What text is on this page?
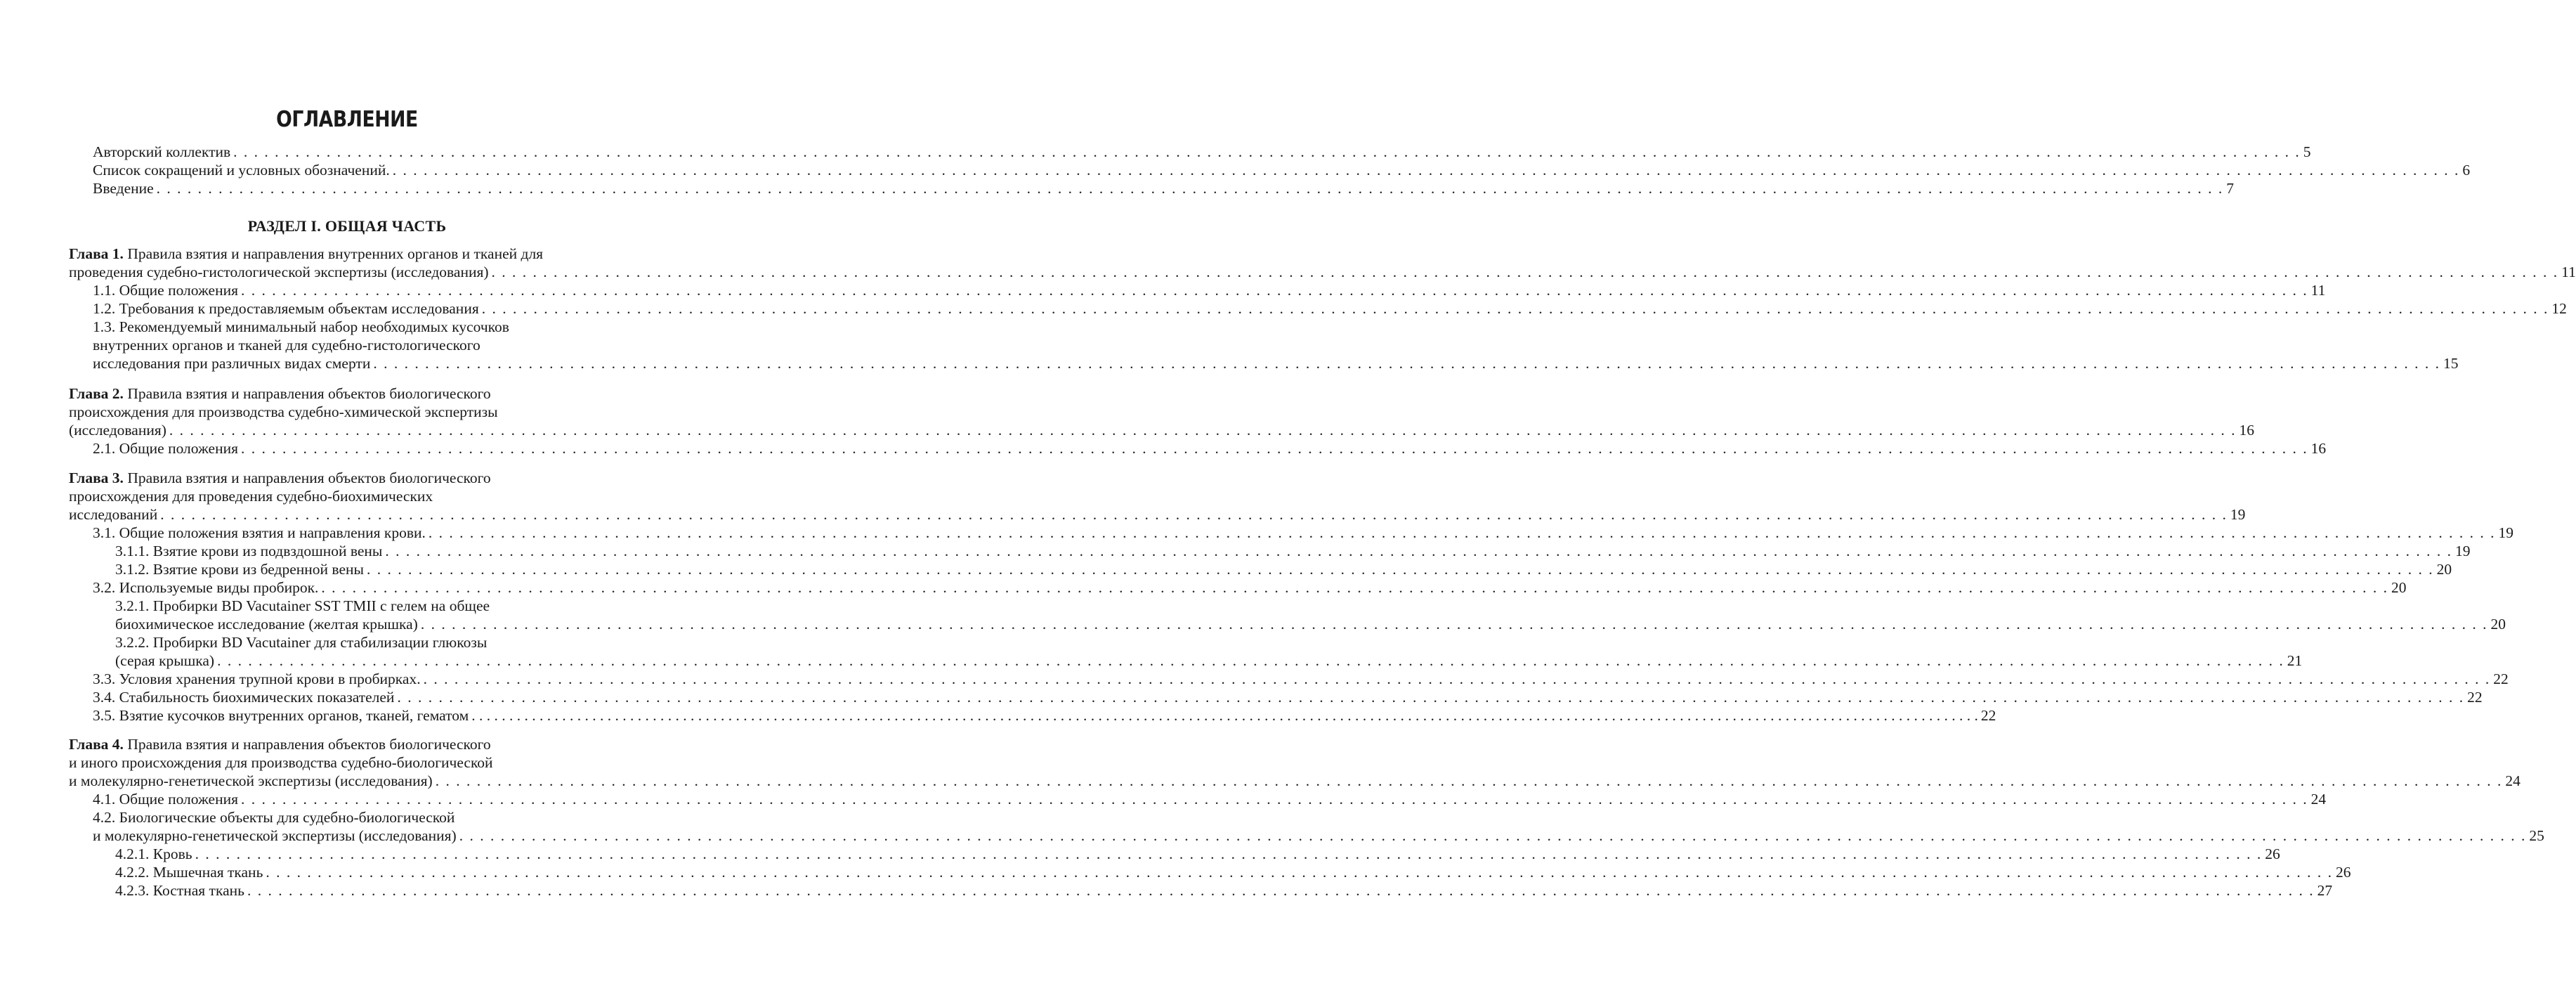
ОГЛАВЛЕНИЕ
Авторский коллектив . . . . . . . . . . . . . . . . . . . . . . . . . . . . . . . . . . . . . . . . . . . . . . . . . . . . . . . . . . . . . . . . . . . . . . . . . . . . . . . . . . . . . . . . . . . . . . . . . . . . . . . . . . . . . . . . . . . . . . . . . . . . . . . . . . . . . . . . . . . . . . . . . . . . . . . . . . . . . . . . . . . . . . . . . . . . . . . . . . . . . . . . . . . . . . . . . . . . . . . . 5
Список сокращений и условных обозначений. . . . . . . . . . . . . . . . . . . . . . . . . . . . . . . . . . . . . . . . . . . . . . . . . . . . . . . . . . . . . . . . . . . . . . . . . . . . . . . . . . . . . . . . . . . . . . . . . . . . . . . . . . . . . . . . . . . . . . . . . . . . . . . . . . . . . . . . . . . . . . . . . . . . . . . . . . . . . . . . . . . . . . . . . . . . . . . . . . . . . . . . . . . . . . . . . . . . . . . . . 6
Введение . . . . . . . . . . . . . . . . . . . . . . . . . . . . . . . . . . . . . . . . . . . . . . . . . . . . . . . . . . . . . . . . . . . . . . . . . . . . . . . . . . . . . . . . . . . . . . . . . . . . . . . . . . . . . . . . . . . . . . . . . . . . . . . . . . . . . . . . . . . . . . . . . . . . . . . . . . . . . . . . . . . . . . . . . . . . . . . . . . . . . . . . . . . . . . . . . . . . . . . . 7
РАЗДЕЛ I. ОБЩАЯ ЧАСТЬ
Глава 1. Правила взятия и направления внутренних органов и тканей для
проведения судебно-гистологической экспертизы (исследования) . . . . . . . . . . . . . . . . . . . . . . . . . . . . . . . . . . . . . . . . . . . . . . . . . . . . . . . . . . . . . . . . . . . . . . . . . . . . . . . . . . . . . . . . . . . . . . . . . . . . . . . . . . . . . . . . . . . . . . . . . . . . . . . . . . . . . . . . . . . . . . . . . . . . . . . . . . . . . . . . . . . . . . . . . . . . . . . . . . . . . . . . . . . . . . . . . . . . . . . . 11
1.1. Общие положения . . . . . . . . . . . . . . . . . . . . . . . . . . . . . . . . . . . . . . . . . . . . . . . . . . . . . . . . . . . . . . . . . . . . . . . . . . . . . . . . . . . . . . . . . . . . . . . . . . . . . . . . . . . . . . . . . . . . . . . . . . . . . . . . . . . . . . . . . . . . . . . . . . . . . . . . . . . . . . . . . . . . . . . . . . . . . . . . . . . . . . . . . . . . . . . . . . . . . . . . 11
1.2. Требования к предоставляемым объектам исследования . . . . . . . . . . . . . . . . . . . . . . . . . . . . . . . . . . . . . . . . . . . . . . . . . . . . . . . . . . . . . . . . . . . . . . . . . . . . . . . . . . . . . . . . . . . . . . . . . . . . . . . . . . . . . . . . . . . . . . . . . . . . . . . . . . . . . . . . . . . . . . . . . . . . . . . . . . . . . . . . . . . . . . . . . . . . . . . . . . . . . . . . . . . . . . . . . . . . . . . . 12
1.3. Рекомендуемый минимальный набор необходимых кусочков
внутренних органов и тканей для судебно-гистологического
исследования при различных видах смерти . . . . . . . . . . . . . . . . . . . . . . . . . . . . . . . . . . . . . . . . . . . . . . . . . . . . . . . . . . . . . . . . . . . . . . . . . . . . . . . . . . . . . . . . . . . . . . . . . . . . . . . . . . . . . . . . . . . . . . . . . . . . . . . . . . . . . . . . . . . . . . . . . . . . . . . . . . . . . . . . . . . . . . . . . . . . . . . . . . . . . . . . . . . . . . . . . . . . . . . . 15
Глава 2. Правила взятия и направления объектов биологического
происхождения для производства судебно-химической экспертизы
(исследования) . . . . . . . . . . . . . . . . . . . . . . . . . . . . . . . . . . . . . . . . . . . . . . . . . . . . . . . . . . . . . . . . . . . . . . . . . . . . . . . . . . . . . . . . . . . . . . . . . . . . . . . . . . . . . . . . . . . . . . . . . . . . . . . . . . . . . . . . . . . . . . . . . . . . . . . . . . . . . . . . . . . . . . . . . . . . . . . . . . . . . . . . . . . . . . . . . . . . . . . . 16
2.1. Общие положения . . . . . . . . . . . . . . . . . . . . . . . . . . . . . . . . . . . . . . . . . . . . . . . . . . . . . . . . . . . . . . . . . . . . . . . . . . . . . . . . . . . . . . . . . . . . . . . . . . . . . . . . . . . . . . . . . . . . . . . . . . . . . . . . . . . . . . . . . . . . . . . . . . . . . . . . . . . . . . . . . . . . . . . . . . . . . . . . . . . . . . . . . . . . . . . . . . . . . . . . 16
Глава 3. Правила взятия и направления объектов биологического
происхождения для проведения судебно-биохимических
исследований . . . . . . . . . . . . . . . . . . . . . . . . . . . . . . . . . . . . . . . . . . . . . . . . . . . . . . . . . . . . . . . . . . . . . . . . . . . . . . . . . . . . . . . . . . . . . . . . . . . . . . . . . . . . . . . . . . . . . . . . . . . . . . . . . . . . . . . . . . . . . . . . . . . . . . . . . . . . . . . . . . . . . . . . . . . . . . . . . . . . . . . . . . . . . . . . . . . . . . . . 19
3.1. Общие положения взятия и направления крови. . . . . . . . . . . . . . . . . . . . . . . . . . . . . . . . . . . . . . . . . . . . . . . . . . . . . . . . . . . . . . . . . . . . . . . . . . . . . . . . . . . . . . . . . . . . . . . . . . . . . . . . . . . . . . . . . . . . . . . . . . . . . . . . . . . . . . . . . . . . . . . . . . . . . . . . . . . . . . . . . . . . . . . . . . . . . . . . . . . . . . . . . . . . . . . . . . . . . . . . . 19
3.1.1. Взятие крови из подвздошной вены . . . . . . . . . . . . . . . . . . . . . . . . . . . . . . . . . . . . . . . . . . . . . . . . . . . . . . . . . . . . . . . . . . . . . . . . . . . . . . . . . . . . . . . . . . . . . . . . . . . . . . . . . . . . . . . . . . . . . . . . . . . . . . . . . . . . . . . . . . . . . . . . . . . . . . . . . . . . . . . . . . . . . . . . . . . . . . . . . . . . . . . . . . . . . . . . . . . . . . . . 19
3.1.2. Взятие крови из бедренной вены . . . . . . . . . . . . . . . . . . . . . . . . . . . . . . . . . . . . . . . . . . . . . . . . . . . . . . . . . . . . . . . . . . . . . . . . . . . . . . . . . . . . . . . . . . . . . . . . . . . . . . . . . . . . . . . . . . . . . . . . . . . . . . . . . . . . . . . . . . . . . . . . . . . . . . . . . . . . . . . . . . . . . . . . . . . . . . . . . . . . . . . . . . . . . . . . . . . . . . . . 20
3.2. Используемые виды пробирок. . . . . . . . . . . . . . . . . . . . . . . . . . . . . . . . . . . . . . . . . . . . . . . . . . . . . . . . . . . . . . . . . . . . . . . . . . . . . . . . . . . . . . . . . . . . . . . . . . . . . . . . . . . . . . . . . . . . . . . . . . . . . . . . . . . . . . . . . . . . . . . . . . . . . . . . . . . . . . . . . . . . . . . . . . . . . . . . . . . . . . . . . . . . . . . . . . . . . . . . . 20
3.2.1. Пробирки BD Vacutainer SST TMII с гелем на общее
биохимическое исследование (желтая крышка) . . . . . . . . . . . . . . . . . . . . . . . . . . . . . . . . . . . . . . . . . . . . . . . . . . . . . . . . . . . . . . . . . . . . . . . . . . . . . . . . . . . . . . . . . . . . . . . . . . . . . . . . . . . . . . . . . . . . . . . . . . . . . . . . . . . . . . . . . . . . . . . . . . . . . . . . . . . . . . . . . . . . . . . . . . . . . . . . . . . . . . . . . . . . . . . . . . . . . . . . 20
3.2.2. Пробирки BD Vacutainer для стабилизации глюкозы
(серая крышка) . . . . . . . . . . . . . . . . . . . . . . . . . . . . . . . . . . . . . . . . . . . . . . . . . . . . . . . . . . . . . . . . . . . . . . . . . . . . . . . . . . . . . . . . . . . . . . . . . . . . . . . . . . . . . . . . . . . . . . . . . . . . . . . . . . . . . . . . . . . . . . . . . . . . . . . . . . . . . . . . . . . . . . . . . . . . . . . . . . . . . . . . . . . . . . . . . . . . . . . . 21
3.3. Условия хранения трупной крови в пробирках. . . . . . . . . . . . . . . . . . . . . . . . . . . . . . . . . . . . . . . . . . . . . . . . . . . . . . . . . . . . . . . . . . . . . . . . . . . . . . . . . . . . . . . . . . . . . . . . . . . . . . . . . . . . . . . . . . . . . . . . . . . . . . . . . . . . . . . . . . . . . . . . . . . . . . . . . . . . . . . . . . . . . . . . . . . . . . . . . . . . . . . . . . . . . . . . . . . . . . . . . 22
3.4. Стабильность биохимических показателей . . . . . . . . . . . . . . . . . . . . . . . . . . . . . . . . . . . . . . . . . . . . . . . . . . . . . . . . . . . . . . . . . . . . . . . . . . . . . . . . . . . . . . . . . . . . . . . . . . . . . . . . . . . . . . . . . . . . . . . . . . . . . . . . . . . . . . . . . . . . . . . . . . . . . . . . . . . . . . . . . . . . . . . . . . . . . . . . . . . . . . . . . . . . . . . . . . . . . . . . 22
3.5. Взятие кусочков внутренних органов, тканей, гематом . . . . . . . . . . . . . . . . . . . . . . . . . . . . . . . . . . . . . . . . . . . . . . . . . . . . . . . . . . . . . . . . . . . . . . . . . . . . . . . . . . . . . . . . . . . . . . . . . . . . . . . . . . . . . . . . . . . . . . . . . . . . . . . . . . . . . . . . . . . . . . . . . . . . . . . . . . . . . . . . . . . . . . . . . . . . . . . . . . . . . . . . . . . . . . . . . . . . . . . . 22
Глава 4. Правила взятия и направления объектов биологического
и иного происхождения для производства судебно-биологической
и молекулярно-генетической экспертизы (исследования) . . . . . . . . . . . . . . . . . . . . . . . . . . . . . . . . . . . . . . . . . . . . . . . . . . . . . . . . . . . . . . . . . . . . . . . . . . . . . . . . . . . . . . . . . . . . . . . . . . . . . . . . . . . . . . . . . . . . . . . . . . . . . . . . . . . . . . . . . . . . . . . . . . . . . . . . . . . . . . . . . . . . . . . . . . . . . . . . . . . . . . . . . . . . . . . . . . . . . . . . 24
4.1. Общие положения . . . . . . . . . . . . . . . . . . . . . . . . . . . . . . . . . . . . . . . . . . . . . . . . . . . . . . . . . . . . . . . . . . . . . . . . . . . . . . . . . . . . . . . . . . . . . . . . . . . . . . . . . . . . . . . . . . . . . . . . . . . . . . . . . . . . . . . . . . . . . . . . . . . . . . . . . . . . . . . . . . . . . . . . . . . . . . . . . . . . . . . . . . . . . . . . . . . . . . . . 24
4.2. Биологические объекты для судебно-биологической
и молекулярно-генетической экспертизы (исследования) . . . . . . . . . . . . . . . . . . . . . . . . . . . . . . . . . . . . . . . . . . . . . . . . . . . . . . . . . . . . . . . . . . . . . . . . . . . . . . . . . . . . . . . . . . . . . . . . . . . . . . . . . . . . . . . . . . . . . . . . . . . . . . . . . . . . . . . . . . . . . . . . . . . . . . . . . . . . . . . . . . . . . . . . . . . . . . . . . . . . . . . . . . . . . . . . . . . . . . . . 25
4.2.1. Кровь . . . . . . . . . . . . . . . . . . . . . . . . . . . . . . . . . . . . . . . . . . . . . . . . . . . . . . . . . . . . . . . . . . . . . . . . . . . . . . . . . . . . . . . . . . . . . . . . . . . . . . . . . . . . . . . . . . . . . . . . . . . . . . . . . . . . . . . . . . . . . . . . . . . . . . . . . . . . . . . . . . . . . . . . . . . . . . . . . . . . . . . . . . . . . . . . . . . . . . . . 26
4.2.2. Мышечная ткань . . . . . . . . . . . . . . . . . . . . . . . . . . . . . . . . . . . . . . . . . . . . . . . . . . . . . . . . . . . . . . . . . . . . . . . . . . . . . . . . . . . . . . . . . . . . . . . . . . . . . . . . . . . . . . . . . . . . . . . . . . . . . . . . . . . . . . . . . . . . . . . . . . . . . . . . . . . . . . . . . . . . . . . . . . . . . . . . . . . . . . . . . . . . . . . . . . . . . . . . 26
4.2.3. Костная ткань . . . . . . . . . . . . . . . . . . . . . . . . . . . . . . . . . . . . . . . . . . . . . . . . . . . . . . . . . . . . . . . . . . . . . . . . . . . . . . . . . . . . . . . . . . . . . . . . . . . . . . . . . . . . . . . . . . . . . . . . . . . . . . . . . . . . . . . . . . . . . . . . . . . . . . . . . . . . . . . . . . . . . . . . . . . . . . . . . . . . . . . . . . . . . . . . . . . . . . . . 27
